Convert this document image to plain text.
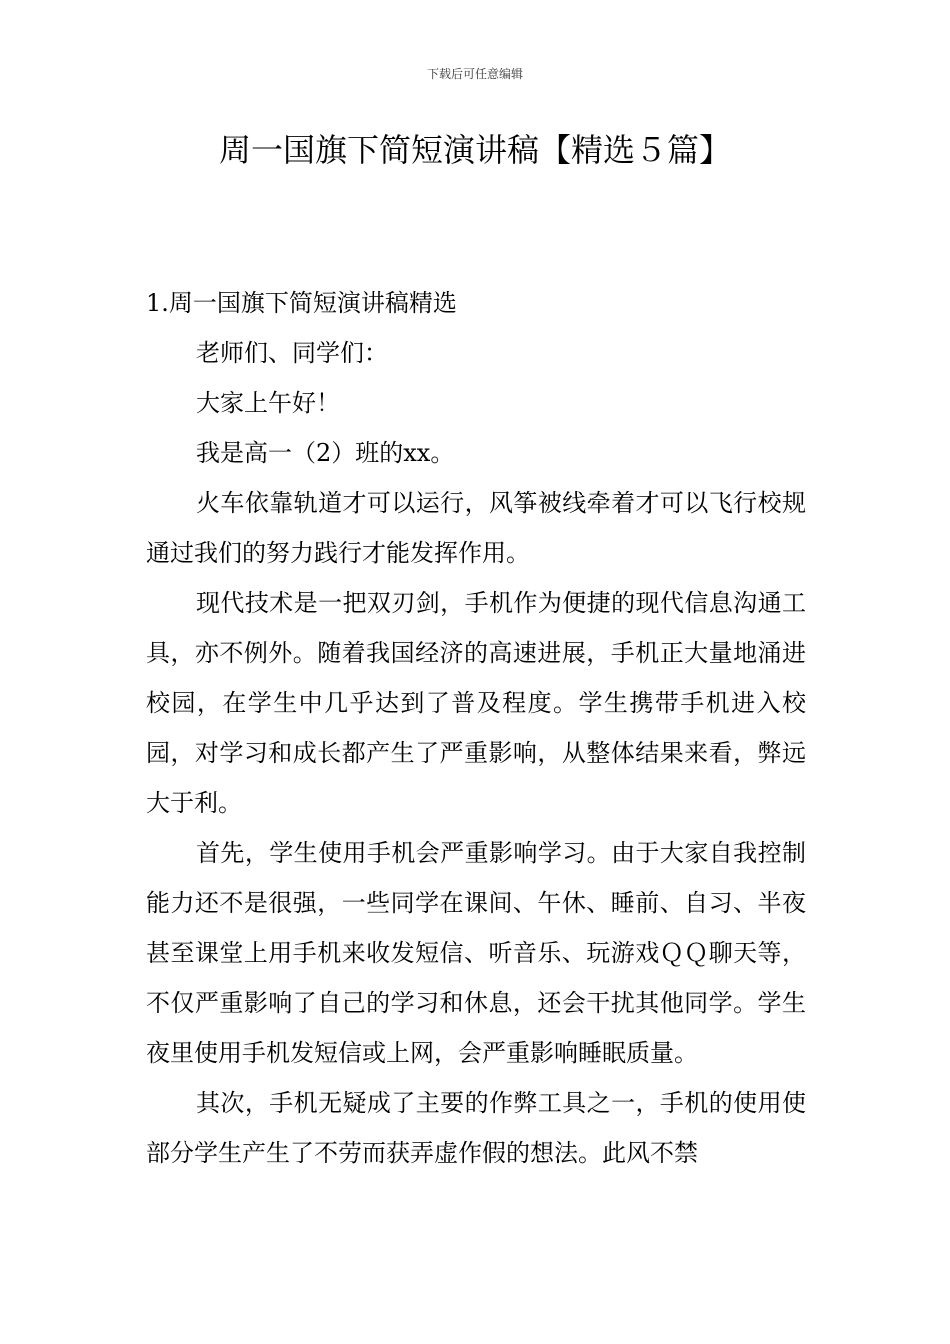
下载后可任意编辑
周一国旗下简短演讲稿【精选５篇】

1.周一国旗下简短演讲稿精选

老师们、同学们：

大家上午好！

我是高一（2）班的xx。

火车依靠轨道才可以运行，风筝被线牵着才可以飞行校规通过我们的努力践行才能发挥作用。

现代技术是一把双刃剑，手机作为便捷的现代信息沟通工具，亦不例外。随着我国经济的高速进展，手机正大量地涌进校园，在学生中几乎达到了普及程度。学生携带手机进入校园，对学习和成长都产生了严重影响，从整体结果来看，弊远大于利。

首先，学生使用手机会严重影响学习。由于大家自我控制能力还不是很强，一些同学在课间、午休、睡前、自习、半夜甚至课堂上用手机来收发短信、听音乐、玩游戏ＱＱ聊天等，不仅严重影响了自己的学习和休息，还会干扰其他同学。学生夜里使用手机发短信或上网，会严重影响睡眠质量。

其次，手机无疑成了主要的作弊工具之一，手机的使用使部分学生产生了不劳而获弄虚作假的想法。此风不禁
